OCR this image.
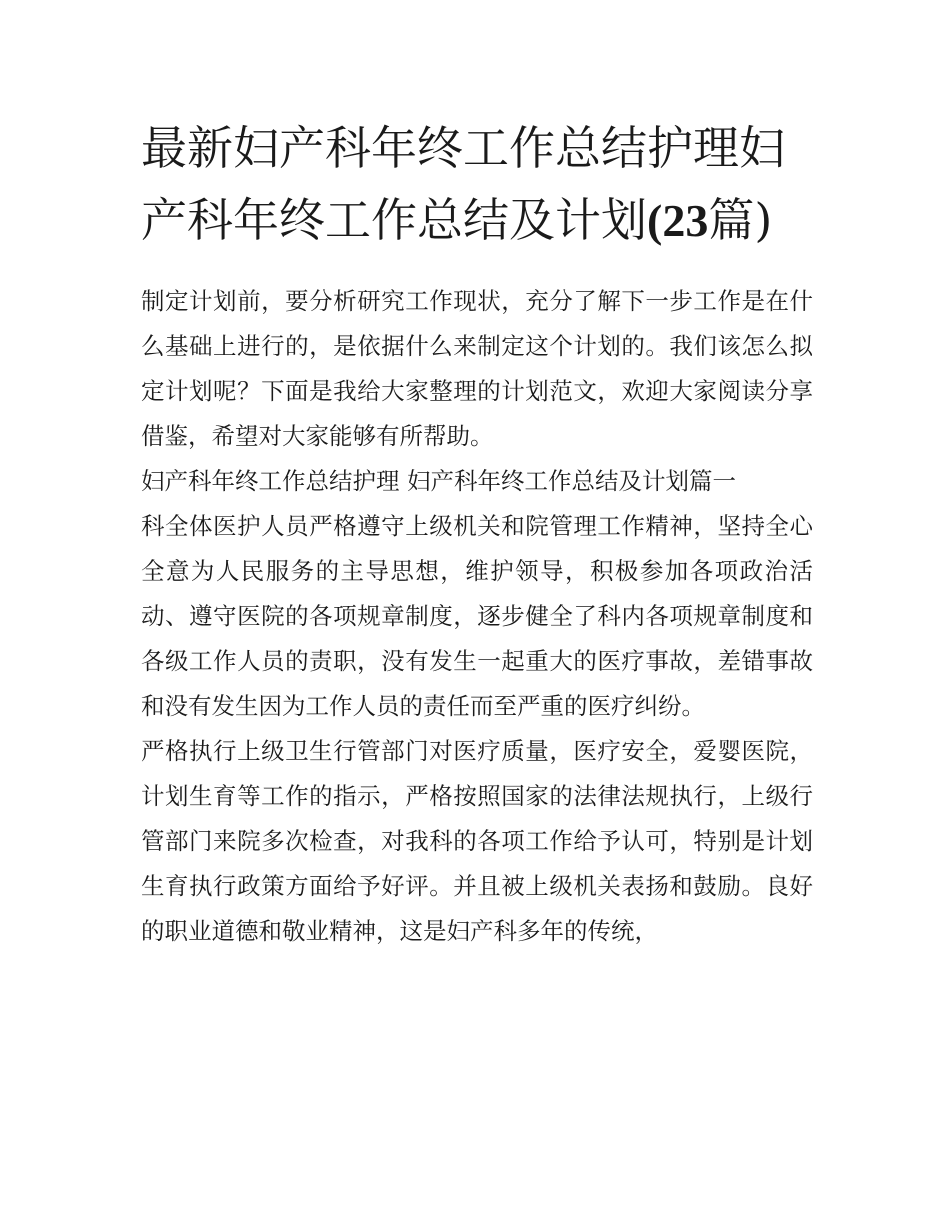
最新妇产科年终工作总结护理妇产科年终工作总结及计划(23篇)

制定计划前，要分析研究工作现状，充分了解下一步工作是在什么基础上进行的，是依据什么来制定这个计划的。我们该怎么拟定计划呢？下面是我给大家整理的计划范文，欢迎大家阅读分享借鉴，希望对大家能够有所帮助。

妇产科年终工作总结护理 妇产科年终工作总结及计划篇一

科全体医护人员严格遵守上级机关和院管理工作精神，坚持全心全意为人民服务的主导思想，维护领导，积极参加各项政治活动、遵守医院的各项规章制度，逐步健全了科内各项规章制度和各级工作人员的责职，没有发生一起重大的医疗事故，差错事故和没有发生因为工作人员的责任而至严重的医疗纠纷。

严格执行上级卫生行管部门对医疗质量，医疗安全，爱婴医院，计划生育等工作的指示，严格按照国家的法律法规执行，上级行管部门来院多次检查，对我科的各项工作给予认可，特别是计划生育执行政策方面给予好评。并且被上级机关表扬和鼓励。良好的职业道德和敬业精神，这是妇产科多年的传统，
